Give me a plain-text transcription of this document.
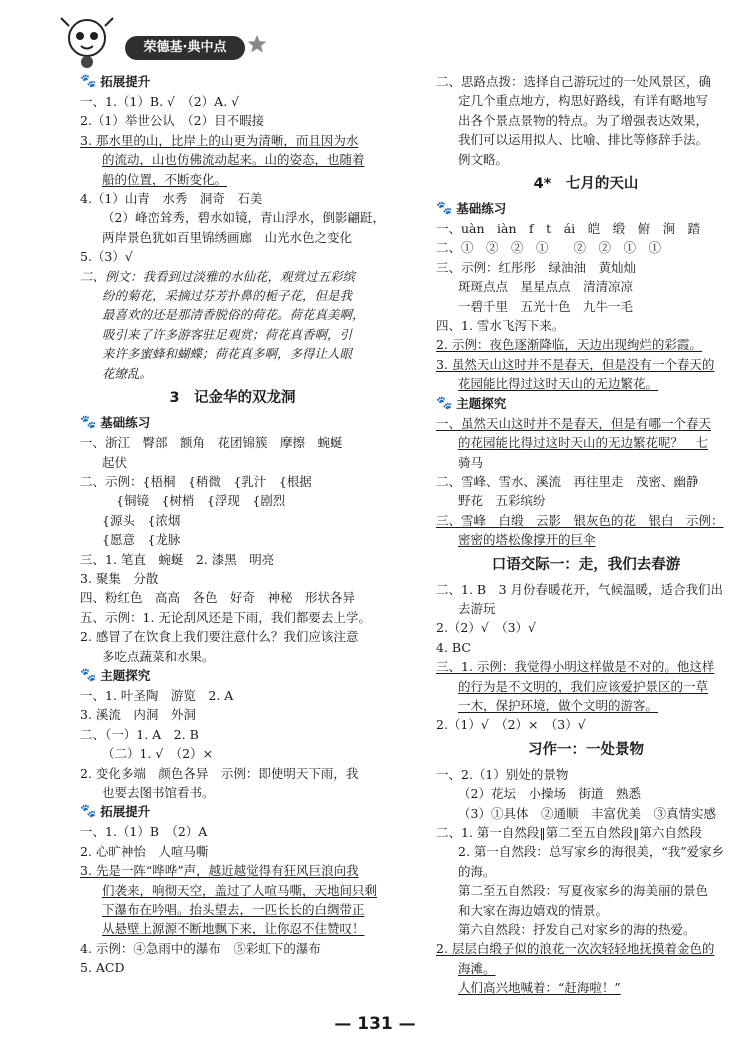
荣德基·典中点
🐾 拓展提升
一、1.（1）B. √　（2）A. √
2.（1）举世公认　（2）目不暇接
3. 那水里的山，比岸上的山更为清晰，而且因为水
的流动，山也仿佛流动起来。山的姿态，也随着
船的位置，不断变化。
4.（1）山青　水秀　洞奇　石美
（2）峰峦耸秀，碧水如镜，青山浮水，倒影翩跹，
两岸景色犹如百里锦绣画廊　山光水色之变化
5.（3）√
二、例文：我看到过淡雅的水仙花，观赏过五彩缤
纷的菊花，采摘过芬芳扑鼻的栀子花，但是我
最喜欢的还是那清香脱俗的荷花。荷花真美啊，
吸引来了许多游客驻足观赏；荷花真香啊，引
来许多蜜蜂和蝴蝶；荷花真多啊，多得让人眼
花缭乱。
3　记金华的双龙洞
🐾 基础练习
一、浙江　臀部　额角　花团锦簇　摩擦　蜿蜒
起伏
二、示例：{梧桐　{稍微　{乳汁　{根据
{铜镜　{树梢　{浮现　{剧烈
{源头　{浓烟
{愿意　{龙脉
三、1. 笔直　蜿蜒　2. 漆黑　明亮
3. 聚集　分散
四、粉红色　高高　各色　好奇　神秘　形状各异
五、示例：1. 无论刮风还是下雨，我们都要去上学。
2. 感冒了在饮食上我们要注意什么？我们应该注意
多吃点蔬菜和水果。
🐾 主题探究
一、1. 叶圣陶　游览　2. A
3. 溪流　内洞　外洞
二、（一）1. A　2. B
（二）1. √　（2）×
2. 变化多端　颜色各异　示例：即使明天下雨，我
也要去图书馆看书。
🐾 拓展提升
一、1.（1）B　（2）A
2. 心旷神怡　人喧马嘶
3. 先是一阵“哗哗”声，越近越觉得有狂风巨浪向我
们袭来，响彻天空，盖过了人喧马嘶，天地间只剩
下瀑布在吟唱。抬头望去，一匹长长的白绸带正
从悬壁上源源不断地飘下来，让你忍不住赞叹！
4. 示例：④急雨中的瀑布　⑤彩虹下的瀑布
5. ACD
二、思路点拨：选择自己游玩过的一处风景区，确
定几个重点地方，构思好路线，有详有略地写
出各个景点景物的特点。为了增强表达效果，
我们可以运用拟人、比喻、排比等修辞手法。
例文略。
4*　七月的天山
🐾 基础练习
一、uàn　iàn　f　t　ái　皑　缎　俯　涧　踏
二、①　②　②　①　　②　②　①　①
三、示例：红彤彤　绿油油　黄灿灿
斑斑点点　星星点点　清清凉凉
一碧千里　五光十色　九牛一毛
四、1. 雪水飞泻下来。
2. 示例：夜色逐渐降临，天边出现绚烂的彩霞。
3. 虽然天山这时并不是春天，但是没有一个春天的
花园能比得过这时天山的无边繁花。
🐾 主题探究
一、虽然天山这时并不是春天，但是有哪一个春天
的花园能比得过这时天山的无边繁花呢？　七
骑马
二、雪峰、雪水、溪流　再往里走　茂密、幽静
野花　五彩缤纷
三、雪峰　白缎　云影　银灰色的花　银白　示例：
密密的塔松像撑开的巨伞
口语交际一：走，我们去春游
二、1. B　3 月份春暖花开，气候温暖，适合我们出
去游玩
2.（2）√　（3）√
4. BC
三、1. 示例：我觉得小明这样做是不对的。他这样
的行为是不文明的，我们应该爱护景区的一草
一木，保护环境，做个文明的游客。
2.（1）√　（2）×　（3）√
习作一：一处景物
一、2.（1）别处的景物
（2）花坛　小操场　街道　熟悉
（3）①具体　②通顺　丰富优美　③真情实感
二、1. 第一自然段‖第二至五自然段‖第六自然段
2. 第一自然段：总写家乡的海很美，“我”爱家乡
的海。
第二至五自然段：写夏夜家乡的海美丽的景色
和大家在海边嬉戏的情景。
第六自然段：抒发自己对家乡的海的热爱。
2. 层层白缎子似的浪花一次次轻轻地抚摸着金色的
海滩。
人们高兴地喊着：“赶海啦！”
— 131 —
